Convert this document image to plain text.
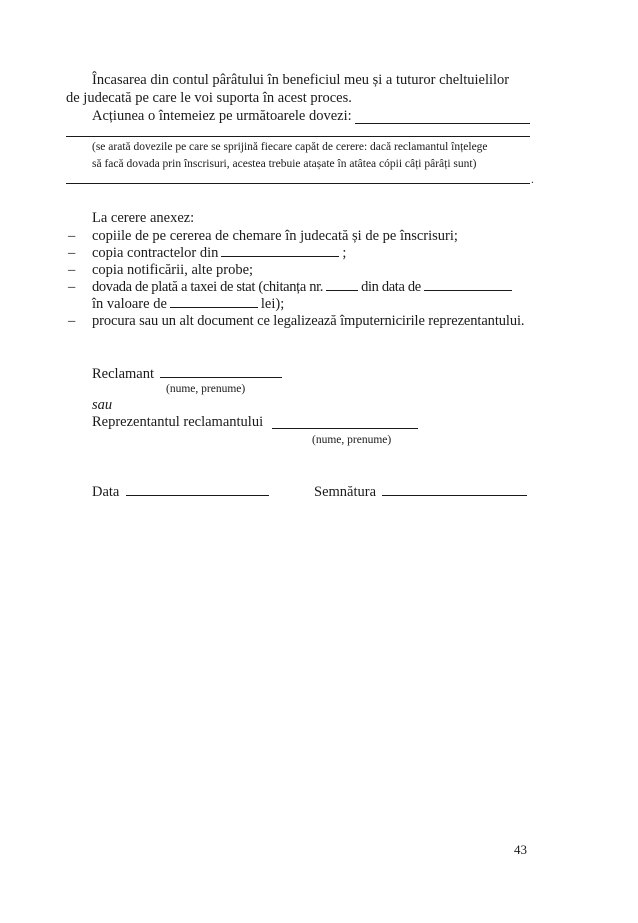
Încasarea din contul pârâtului în beneficiul meu și a tuturor cheltuielilor
de judecată pe care le voi suporta în acest proces.
Acțiunea o întemeiez pe următoarele dovezi:
(se arată dovezile pe care se sprijină fiecare capăt de cerere: dacă reclamantul înțelege
să facă dovada prin înscrisuri, acestea trebuie atașate în atâtea cópii câți pârâți sunt)
.
La cerere anexez:
– copiile de pe cererea de chemare în judecată și de pe înscrisuri;
– copia contractelor din	;
– copia notificării, alte probe;
– dovada de plată a taxei de stat (chitanța nr.	din data de
în valoare de	lei);
– procura sau un alt document ce legalizează împuternicirile reprezentantului.
Reclamant
(nume, prenume)
sau
Reprezentantul reclamantului
(nume, prenume)
Data	Semnătura
43
